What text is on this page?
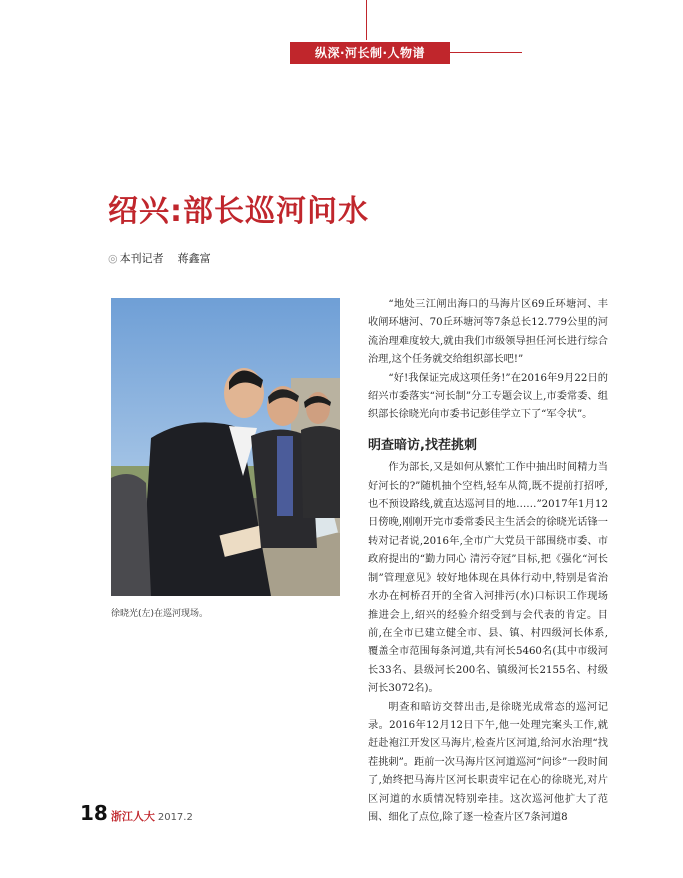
纵深·河长制·人物谱
绍兴:部长巡河问水
◎ 本刊记者 蒋鑫富
徐晓光(左)在巡河现场。

“地处三江闸出海口的马海片区69丘环塘河、丰收闸环塘河、70丘环塘河等7条总长12.779公里的河流治理难度较大,就由我们市级领导担任河长进行综合治理,这个任务就交给组织部长吧!”

“好!我保证完成这项任务!”在2016年9月22日的绍兴市委落实“河长制”分工专题会议上,市委常委、组织部长徐晓光向市委书记彭佳学立下了“军令状”。

明查暗访,找茬挑刺

作为部长,又是如何从繁忙工作中抽出时间精力当好河长的?”随机抽个空档,轻车从简,既不提前打招呼,也不预设路线,就直达巡河目的地……”2017年1月12日傍晚,刚刚开完市委常委民主生活会的徐晓光话锋一转对记者说,2016年,全市广大党员干部围绕市委、市政府提出的“勤力同心 清污夺冠”目标,把《强化“河长制”管理意见》较好地体现在具体行动中,特别是省治水办在柯桥召开的全省入河排污(水)口标识工作现场推进会上,绍兴的经验介绍受到与会代表的肯定。目前,在全市已建立健全市、县、镇、村四级河长体系,覆盖全市范围每条河道,共有河长5460名(其中市级河长33名、县级河长200名、镇级河长2155名、村级河长3072名)。

明查和暗访交替出击,是徐晓光成常态的巡河记录。2016年12月12日下午,他一处理完案头工作,就赶赴袍江开发区马海片,检查片区河道,给河水治理“找茬挑刺”。距前一次马海片区河道巡河“问诊”一段时间了,始终把马海片区河长职责牢记在心的徐晓光,对片区河道的水质情况特别牵挂。这次巡河他扩大了范围、细化了点位,除了逐一检查片区7条河道8

18 浙江人大 2017.2
